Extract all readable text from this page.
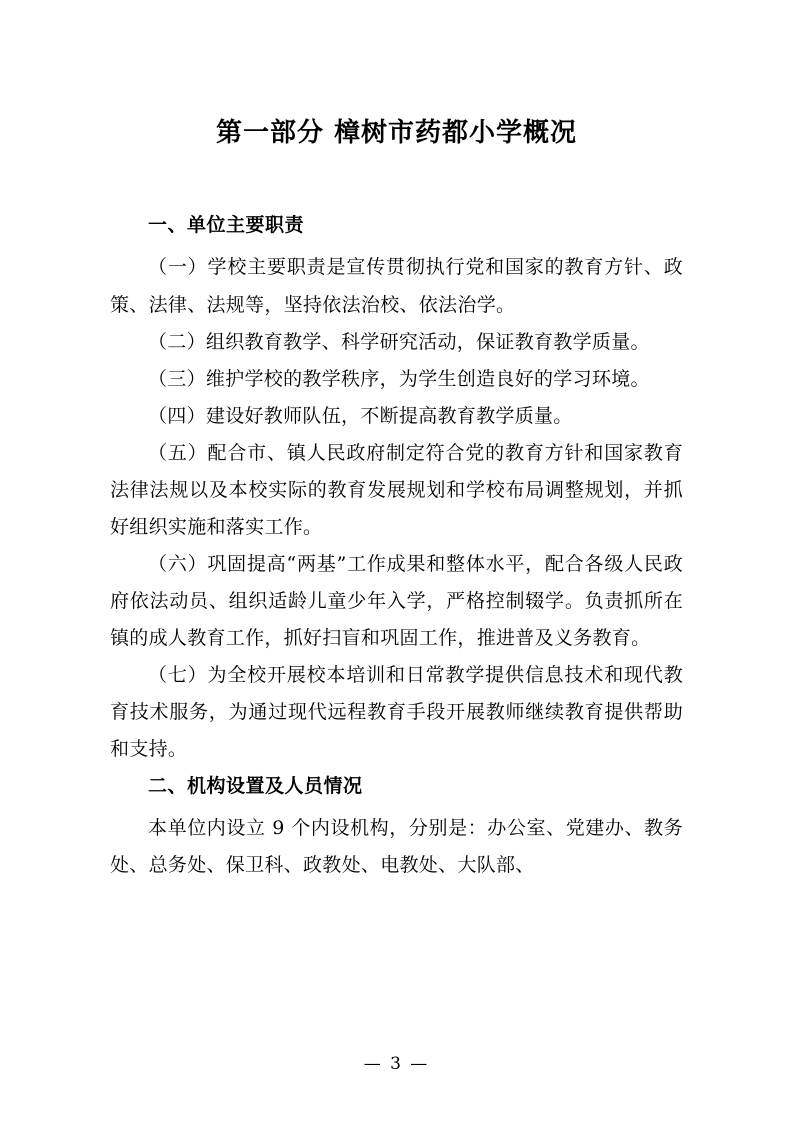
第一部分 樟树市药都小学概况
一、单位主要职责

（一）学校主要职责是宣传贯彻执行党和国家的教育方针、政策、法律、法规等，坚持依法治校、依法治学。

（二）组织教育教学、科学研究活动，保证教育教学质量。

（三）维护学校的教学秩序，为学生创造良好的学习环境。

（四）建设好教师队伍，不断提高教育教学质量。

（五）配合市、镇人民政府制定符合党的教育方针和国家教育法律法规以及本校实际的教育发展规划和学校布局调整规划，并抓好组织实施和落实工作。

（六）巩固提高“两基”工作成果和整体水平，配合各级人民政府依法动员、组织适龄儿童少年入学，严格控制辍学。负责抓所在镇的成人教育工作，抓好扫盲和巩固工作，推进普及义务教育。

（七）为全校开展校本培训和日常教学提供信息技术和现代教育技术服务，为通过现代远程教育手段开展教师继续教育提供帮助和支持。

二、机构设置及人员情况

本单位内设立 9 个内设机构，分别是：办公室、党建办、教务处、总务处、保卫科、政教处、电教处、大队部、

— 3 —
